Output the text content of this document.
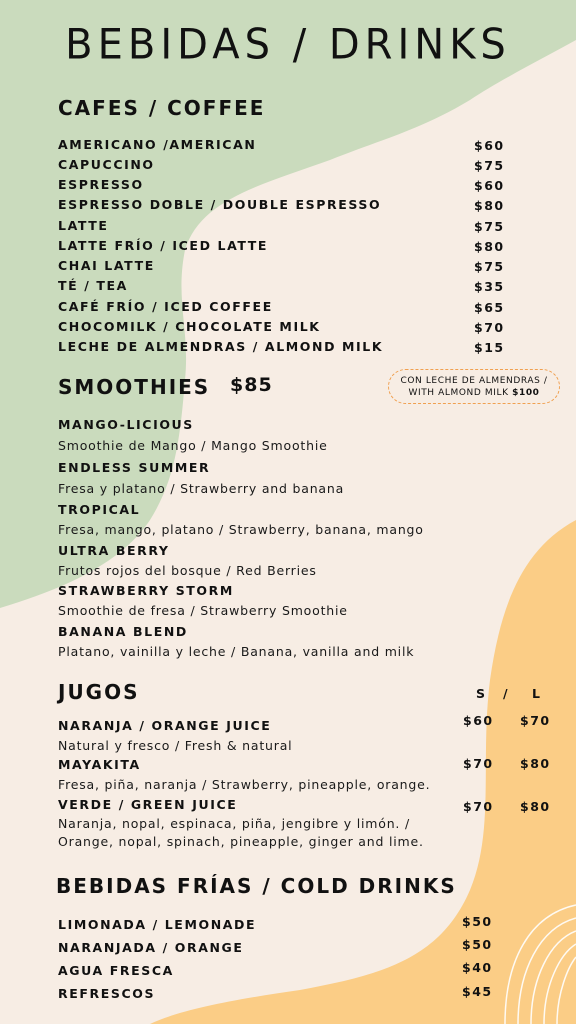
BEBIDAS / DRINKS
CAFES / COFFEE
AMERICANO /AMERICAN	$60
CAPUCCINO	$75
ESPRESSO	$60
ESPRESSO DOBLE / DOUBLE ESPRESSO	$80
LATTE	$75
LATTE FRÍO / ICED LATTE	$80
CHAI LATTE	$75
TÉ / TEA	$35
CAFÉ FRÍO / ICED COFFEE	$65
CHOCOMILK / CHOCOLATE MILK	$70
LECHE DE ALMENDRAS / ALMOND MILK	$15
SMOOTHIES $85	CON LECHE DE ALMENDRAS /
WITH ALMOND MILK $100
MANGO-LICIOUS
Smoothie de Mango / Mango Smoothie
ENDLESS SUMMER
Fresa y platano / Strawberry and banana
TROPICAL
Fresa, mango, platano / Strawberry, banana, mango
ULTRA BERRY
Frutos rojos del bosque / Red Berries
STRAWBERRY STORM
Smoothie de fresa / Strawberry Smoothie
BANANA BLEND
Platano, vainilla y leche / Banana, vanilla and milk
JUGOS	S / L
NARANJA / ORANGE JUICE	$60 $70
Natural y fresco / Fresh & natural
MAYAKITA	$70 $80
Fresa, piña, naranja / Strawberry, pineapple, orange.
VERDE / GREEN JUICE	$70 $80
Naranja, nopal, espinaca, piña, jengibre y limón. /
Orange, nopal, spinach, pineapple, ginger and lime.
BEBIDAS FRÍAS / COLD DRINKS
LIMONADA / LEMONADE	$50
NARANJADA / ORANGE	$50
AGUA FRESCA	$40
REFRESCOS	$45
